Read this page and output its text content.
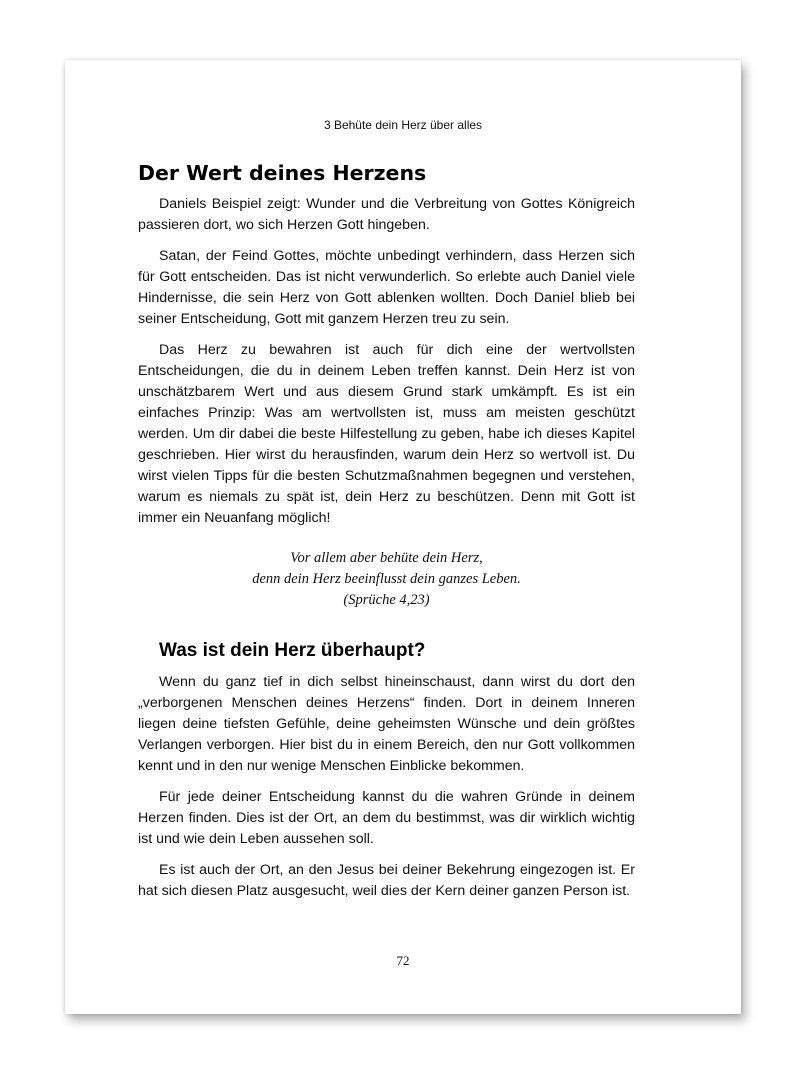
3 Behüte dein Herz über alles

Der Wert deines Herzens

Daniels Beispiel zeigt: Wunder und die Verbreitung von Gottes Königreich passieren dort, wo sich Herzen Gott hingeben.

Satan, der Feind Gottes, möchte unbedingt verhindern, dass Herzen sich für Gott entscheiden. Das ist nicht verwunderlich. So erlebte auch Daniel viele Hindernisse, die sein Herz von Gott ablenken wollten. Doch Daniel blieb bei seiner Entscheidung, Gott mit ganzem Herzen treu zu sein.

Das Herz zu bewahren ist auch für dich eine der wertvollsten Entscheidungen, die du in deinem Leben treffen kannst. Dein Herz ist von unschätzbarem Wert und aus diesem Grund stark umkämpft. Es ist ein einfaches Prinzip: Was am wertvollsten ist, muss am meisten geschützt werden. Um dir dabei die beste Hilfestellung zu geben, habe ich dieses Kapitel geschrieben. Hier wirst du herausfinden, warum dein Herz so wertvoll ist. Du wirst vielen Tipps für die besten Schutzmaßnahmen begegnen und verstehen, warum es niemals zu spät ist, dein Herz zu beschützen. Denn mit Gott ist immer ein Neuanfang möglich!

Vor allem aber behüte dein Herz,
denn dein Herz beeinflusst dein ganzes Leben.
(Sprüche 4,23)
Was ist dein Herz überhaupt?

Wenn du ganz tief in dich selbst hineinschaust, dann wirst du dort den „verborgenen Menschen deines Herzens“ finden. Dort in deinem Inneren liegen deine tiefsten Gefühle, deine geheimsten Wünsche und dein größtes Verlangen verborgen. Hier bist du in einem Bereich, den nur Gott vollkommen kennt und in den nur wenige Menschen Einblicke bekommen.

Für jede deiner Entscheidung kannst du die wahren Gründe in deinem Herzen finden. Dies ist der Ort, an dem du bestimmst, was dir wirklich wichtig ist und wie dein Leben aussehen soll.

Es ist auch der Ort, an den Jesus bei deiner Bekehrung eingezogen ist. Er hat sich diesen Platz ausgesucht, weil dies der Kern deiner ganzen Person ist.

72
